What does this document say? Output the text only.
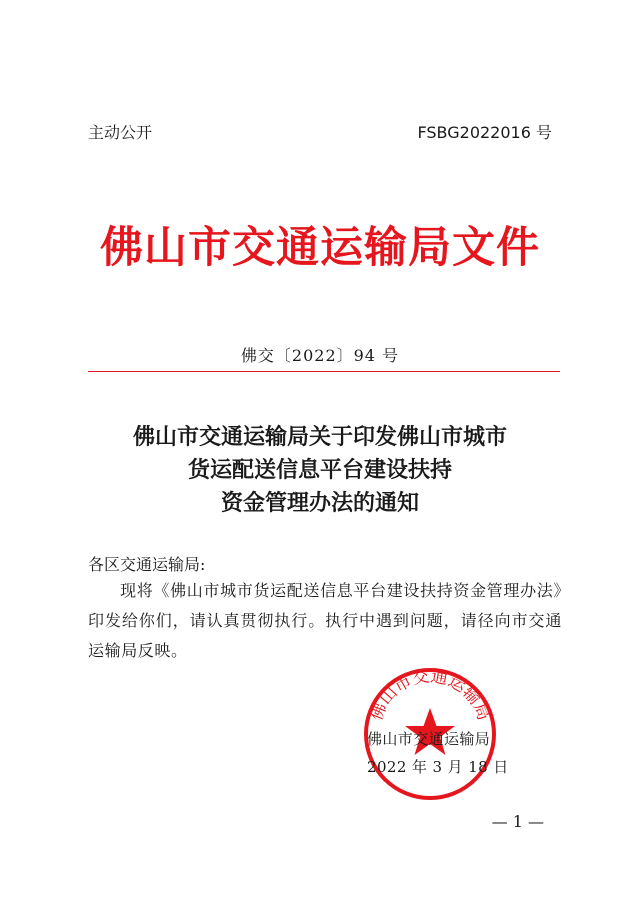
主动公开	FSBG2022016 号
佛山市交通运输局文件
佛交〔2022〕94 号
佛山市交通运输局关于印发佛山市城市
货运配送信息平台建设扶持
资金管理办法的通知
各区交通运输局:
现将《佛山市城市货运配送信息平台建设扶持资金管理办法》印发给你们，请认真贯彻执行。执行中遇到问题，请径向市交通运输局反映。
佛山市交通运输局
佛山市交通运输局
2022 年 3 月 18 日
— 1 —
